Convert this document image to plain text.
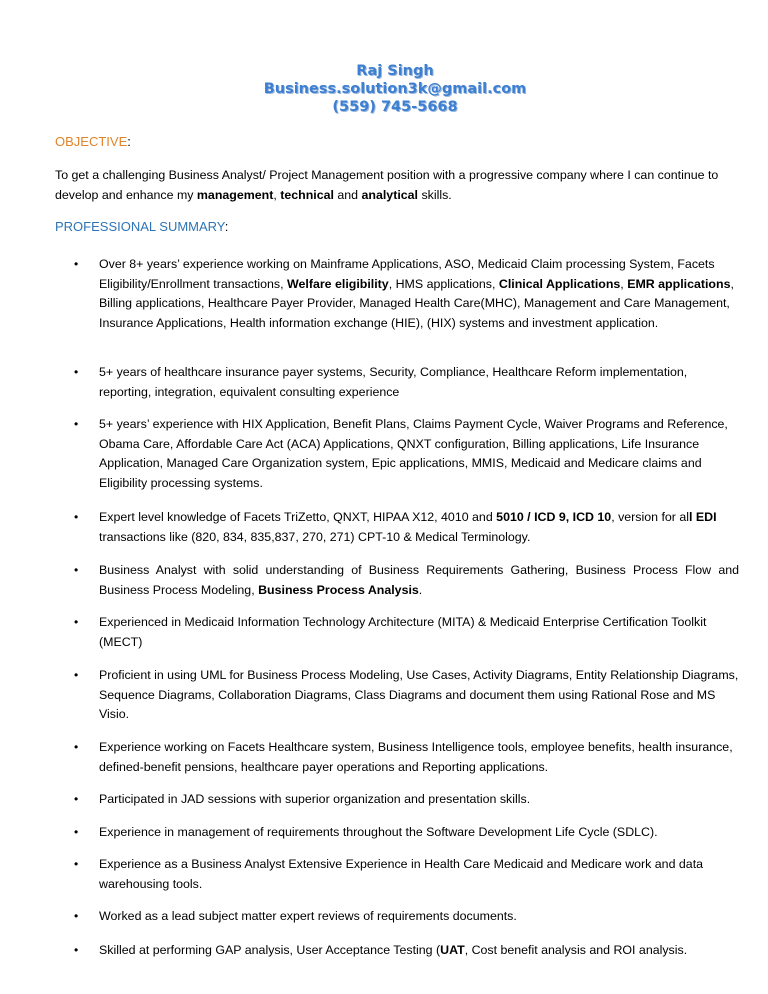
Raj Singh
Business.solution3k@gmail.com
(559) 745-5668
OBJECTIVE:
To get a challenging Business Analyst/ Project Management position with a progressive company where I can continue to develop and enhance my management, technical and analytical skills.
PROFESSIONAL SUMMARY:
• Over 8+ years’ experience working on Mainframe Applications, ASO, Medicaid Claim processing System, Facets Eligibility/Enrollment transactions, Welfare eligibility, HMS applications, Clinical Applications, EMR applications, Billing applications, Healthcare Payer Provider, Managed Health Care(MHC), Management and Care Management, Insurance Applications, Health information exchange (HIE), (HIX) systems and investment application.
• 5+ years of healthcare insurance payer systems, Security, Compliance, Healthcare Reform implementation, reporting, integration, equivalent consulting experience
• 5+ years’ experience with HIX Application, Benefit Plans, Claims Payment Cycle, Waiver Programs and Reference, Obama Care, Affordable Care Act (ACA) Applications, QNXT configuration, Billing applications, Life Insurance Application, Managed Care Organization system, Epic applications, MMIS, Medicaid and Medicare claims and Eligibility processing systems.
• Expert level knowledge of Facets TriZetto, QNXT, HIPAA X12, 4010 and 5010 / ICD 9, ICD 10, version for all EDI transactions like (820, 834, 835,837, 270, 271) CPT-10 & Medical Terminology.
• Business Analyst with solid understanding of Business Requirements Gathering, Business Process Flow and Business Process Modeling, Business Process Analysis.
• Experienced in Medicaid Information Technology Architecture (MITA) & Medicaid Enterprise Certification Toolkit (MECT)
• Proficient in using UML for Business Process Modeling, Use Cases, Activity Diagrams, Entity Relationship Diagrams, Sequence Diagrams, Collaboration Diagrams, Class Diagrams and document them using Rational Rose and MS Visio.
• Experience working on Facets Healthcare system, Business Intelligence tools, employee benefits, health insurance, defined-benefit pensions, healthcare payer operations and Reporting applications.
• Participated in JAD sessions with superior organization and presentation skills.
• Experience in management of requirements throughout the Software Development Life Cycle (SDLC).
• Experience as a Business Analyst Extensive Experience in Health Care Medicaid and Medicare work and data warehousing tools.
• Worked as a lead subject matter expert reviews of requirements documents.
• Skilled at performing GAP analysis, User Acceptance Testing (UAT, Cost benefit analysis and ROI analysis.
